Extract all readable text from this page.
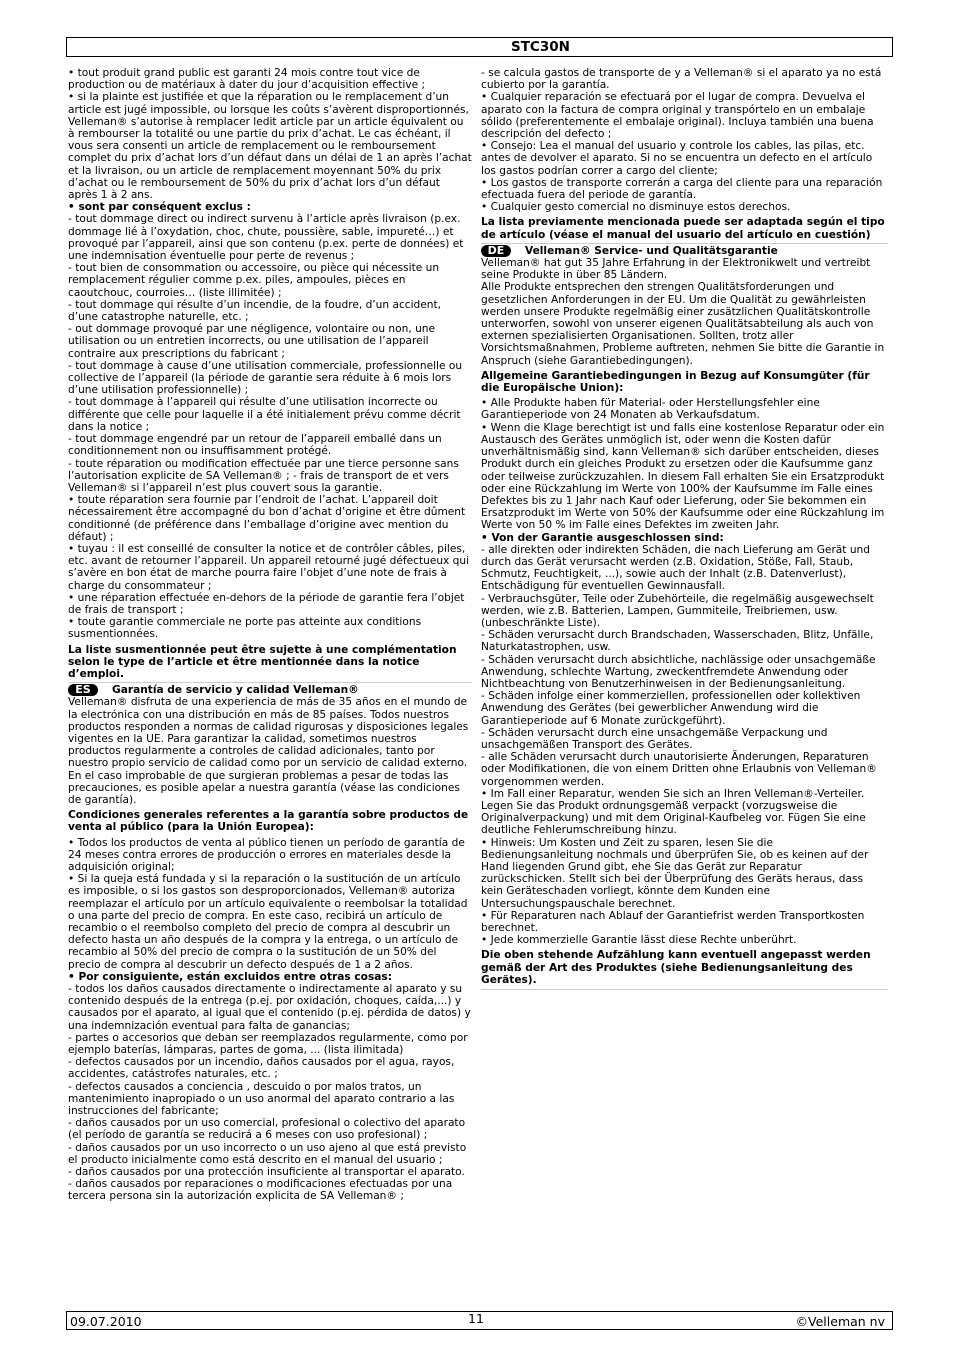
STC30N

• tout produit grand public est garanti 24 mois contre tout vice de production ou de matériaux à dater du jour d’acquisition effective ;

• si la plainte est justifiée et que la réparation ou le remplacement d’un article est jugé impossible, ou lorsque les coûts s’avèrent disproportionnés, Velleman® s’autorise à remplacer ledit article par un article équivalent ou à rembourser la totalité ou une partie du prix d’achat. Le cas échéant, il vous sera consenti un article de remplacement ou le remboursement complet du prix d’achat lors d’un défaut dans un délai de 1 an après l’achat et la livraison, ou un article de remplacement moyennant 50% du prix d’achat ou le remboursement de 50% du prix d’achat lors d’un défaut après 1 à 2 ans.

• sont par conséquent exclus :

- tout dommage direct ou indirect survenu à l’article après livraison (p.ex. dommage lié à l’oxydation, choc, chute, poussière, sable, impureté…) et provoqué par l’appareil, ainsi que son contenu (p.ex. perte de données) et une indemnisation éventuelle pour perte de revenus ;

- tout bien de consommation ou accessoire, ou pièce qui nécessite un remplacement régulier comme p.ex. piles, ampoules, pièces en caoutchouc, courroies… (liste illimitée) ;

- tout dommage qui résulte d’un incendie, de la foudre, d’un accident, d’une catastrophe naturelle, etc. ;

- out dommage provoqué par une négligence, volontaire ou non, une utilisation ou un entretien incorrects, ou une utilisation de l’appareil contraire aux prescriptions du fabricant ;

- tout dommage à cause d’une utilisation commerciale, professionnelle ou collective de l’appareil (la période de garantie sera réduite à 6 mois lors d’une utilisation professionnelle) ;

- tout dommage à l’appareil qui résulte d’une utilisation incorrecte ou différente que celle pour laquelle il a été initialement prévu comme décrit dans la notice ;

- tout dommage engendré par un retour de l’appareil emballé dans un conditionnement non ou insuffisamment protégé.

- toute réparation ou modification effectuée par une tierce personne sans l’autorisation explicite de SA Velleman® ; - frais de transport de et vers Velleman® si l’appareil n’est plus couvert sous la garantie.

• toute réparation sera fournie par l’endroit de l’achat. L’appareil doit nécessairement être accompagné du bon d’achat d’origine et être dûment conditionné (de préférence dans l’emballage d’origine avec mention du défaut) ;

• tuyau : il est conseillé de consulter la notice et de contrôler câbles, piles, etc. avant de retourner l’appareil. Un appareil retourné jugé défectueux qui s’avère en bon état de marche pourra faire l’objet d’une note de frais à charge du consommateur ;

• une réparation effectuée en-dehors de la période de garantie fera l’objet de frais de transport ;

• toute garantie commerciale ne porte pas atteinte aux conditions susmentionnées.

La liste susmentionnée peut être sujette à une complémentation selon le type de l’article et être mentionnée dans la notice d’emploi.

ES Garantía de servicio y calidad Velleman®

Velleman® disfruta de una experiencia de más de 35 años en el mundo de la electrónica con una distribución en más de 85 países. Todos nuestros productos responden a normas de calidad rigurosas y disposiciones legales vigentes en la UE. Para garantizar la calidad, sometimos nuestros productos regularmente a controles de calidad adicionales, tanto por nuestro propio servicio de calidad como por un servicio de calidad externo. En el caso improbable de que surgieran problemas a pesar de todas las precauciones, es posible apelar a nuestra garantía (véase las condiciones de garantía).

Condiciones generales referentes a la garantía sobre productos de venta al público (para la Unión Europea):

• Todos los productos de venta al público tienen un período de garantía de 24 meses contra errores de producción o errores en materiales desde la adquisición original;

• Si la queja está fundada y si la reparación o la sustitución de un artículo es imposible, o si los gastos son desproporcionados, Velleman® autoriza reemplazar el artículo por un artículo equivalente o reembolsar la totalidad o una parte del precio de compra. En este caso, recibirá un artículo de recambio o el reembolso completo del precio de compra al descubrir un defecto hasta un año después de la compra y la entrega, o un artículo de recambio al 50% del precio de compra o la sustitución de un 50% del precio de compra al descubrir un defecto después de 1 a 2 años.

• Por consiguiente, están excluidos entre otras cosas:

- todos los daños causados directamente o indirectamente al aparato y su contenido después de la entrega (p.ej. por oxidación, choques, caída,...) y causados por el aparato, al igual que el contenido (p.ej. pérdida de datos) y una indemnización eventual para falta de ganancias;

- partes o accesorios que deban ser reemplazados regularmente, como por ejemplo baterías, lámparas, partes de goma, ... (lista ilimitada)

- defectos causados por un incendio, daños causados por el agua, rayos, accidentes, catástrofes naturales, etc. ;

- defectos causados a conciencia , descuido o por malos tratos, un mantenimiento inapropiado o un uso anormal del aparato contrario a las instrucciones del fabricante;

- daños causados por un uso comercial, profesional o colectivo del aparato (el período de garantía se reducirá a 6 meses con uso profesional) ;

- daños causados por un uso incorrecto o un uso ajeno al que está previsto el producto inicialmente como está descrito en el manual del usuario ;

- daños causados por una protección insuficiente al transportar el aparato.

- daños causados por reparaciones o modificaciones efectuadas por una tercera persona sin la autorización explicita de SA Velleman® ;

- se calcula gastos de transporte de y a Velleman® si el aparato ya no está cubierto por la garantía.

• Cualquier reparación se efectuará por el lugar de compra. Devuelva el aparato con la factura de compra original y transpórtelo en un embalaje sólido (preferentemente el embalaje original). Incluya también una buena descripción del defecto ;

• Consejo: Lea el manual del usuario y controle los cables, las pilas, etc. antes de devolver el aparato. Si no se encuentra un defecto en el artículo los gastos podrían correr a cargo del cliente;

• Los gastos de transporte correrán a carga del cliente para una reparación efectuada fuera del periode de garantía.

• Cualquier gesto comercial no disminuye estos derechos.

La lista previamente mencionada puede ser adaptada según el tipo de artículo (véase el manual del usuario del artículo en cuestión)

DE Velleman® Service- und Qualitätsgarantie

Velleman® hat gut 35 Jahre Erfahrung in der Elektronikwelt und vertreibt seine Produkte in über 85 Ländern.

Alle Produkte entsprechen den strengen Qualitätsforderungen und gesetzlichen Anforderungen in der EU. Um die Qualität zu gewährleisten werden unsere Produkte regelmäßig einer zusätzlichen Qualitätskontrolle unterworfen, sowohl von unserer eigenen Qualitätsabteilung als auch von externen spezialisierten Organisationen. Sollten, trotz aller Vorsichtsmaßnahmen, Probleme auftreten, nehmen Sie bitte die Garantie in Anspruch (siehe Garantiebedingungen).

Allgemeine Garantiebedingungen in Bezug auf Konsumgüter (für die Europäische Union):

• Alle Produkte haben für Material- oder Herstellungsfehler eine Garantieperiode von 24 Monaten ab Verkaufsdatum.

• Wenn die Klage berechtigt ist und falls eine kostenlose Reparatur oder ein Austausch des Gerätes unmöglich ist, oder wenn die Kosten dafür unverhältnismäßig sind, kann Velleman® sich darüber entscheiden, dieses Produkt durch ein gleiches Produkt zu ersetzen oder die Kaufsumme ganz oder teilweise zurückzuzahlen. In diesem Fall erhalten Sie ein Ersatzprodukt oder eine Rückzahlung im Werte von 100% der Kaufsumme im Falle eines Defektes bis zu 1 Jahr nach Kauf oder Lieferung, oder Sie bekommen ein Ersatzprodukt im Werte von 50% der Kaufsumme oder eine Rückzahlung im Werte von 50 % im Falle eines Defektes im zweiten Jahr.

• Von der Garantie ausgeschlossen sind:

- alle direkten oder indirekten Schäden, die nach Lieferung am Gerät und durch das Gerät verursacht werden (z.B. Oxidation, Stöße, Fall, Staub, Schmutz, Feuchtigkeit, ...), sowie auch der Inhalt (z.B. Datenverlust), Entschädigung für eventuellen Gewinnausfall.

- Verbrauchsgüter, Teile oder Zubehörteile, die regelmäßig ausgewechselt werden, wie z.B. Batterien, Lampen, Gummiteile, Treibriemen, usw. (unbeschränkte Liste).

- Schäden verursacht durch Brandschaden, Wasserschaden, Blitz, Unfälle, Naturkatastrophen, usw.

- Schäden verursacht durch absichtliche, nachlässige oder unsachgemäße Anwendung, schlechte Wartung, zweckentfremdete Anwendung oder Nichtbeachtung von Benutzerhinweisen in der Bedienungsanleitung.

- Schäden infolge einer kommerziellen, professionellen oder kollektiven Anwendung des Gerätes (bei gewerblicher Anwendung wird die Garantieperiode auf 6 Monate zurückgeführt).

- Schäden verursacht durch eine unsachgemäße Verpackung und unsachgemäßen Transport des Gerätes.

- alle Schäden verursacht durch unautorisierte Änderungen, Reparaturen oder Modifikationen, die von einem Dritten ohne Erlaubnis von Velleman® vorgenommen werden.

• Im Fall einer Reparatur, wenden Sie sich an Ihren Velleman®-Verteiler. Legen Sie das Produkt ordnungsgemäß verpackt (vorzugsweise die Originalverpackung) und mit dem Original-Kaufbeleg vor. Fügen Sie eine deutliche Fehlerumschreibung hinzu.

• Hinweis: Um Kosten und Zeit zu sparen, lesen Sie die Bedienungsanleitung nochmals und überprüfen Sie, ob es keinen auf der Hand liegenden Grund gibt, ehe Sie das Gerät zur Reparatur zurückschicken. Stellt sich bei der Überprüfung des Geräts heraus, dass kein Geräteschaden vorliegt, könnte dem Kunden eine Untersuchungspauschale berechnet.

• Für Reparaturen nach Ablauf der Garantiefrist werden Transportkosten berechnet.

• Jede kommerzielle Garantie lässt diese Rechte unberührt.

Die oben stehende Aufzählung kann eventuell angepasst werden gemäß der Art des Produktes (siehe Bedienungsanleitung des Gerätes).

09.07.2010	11	©Velleman nv
